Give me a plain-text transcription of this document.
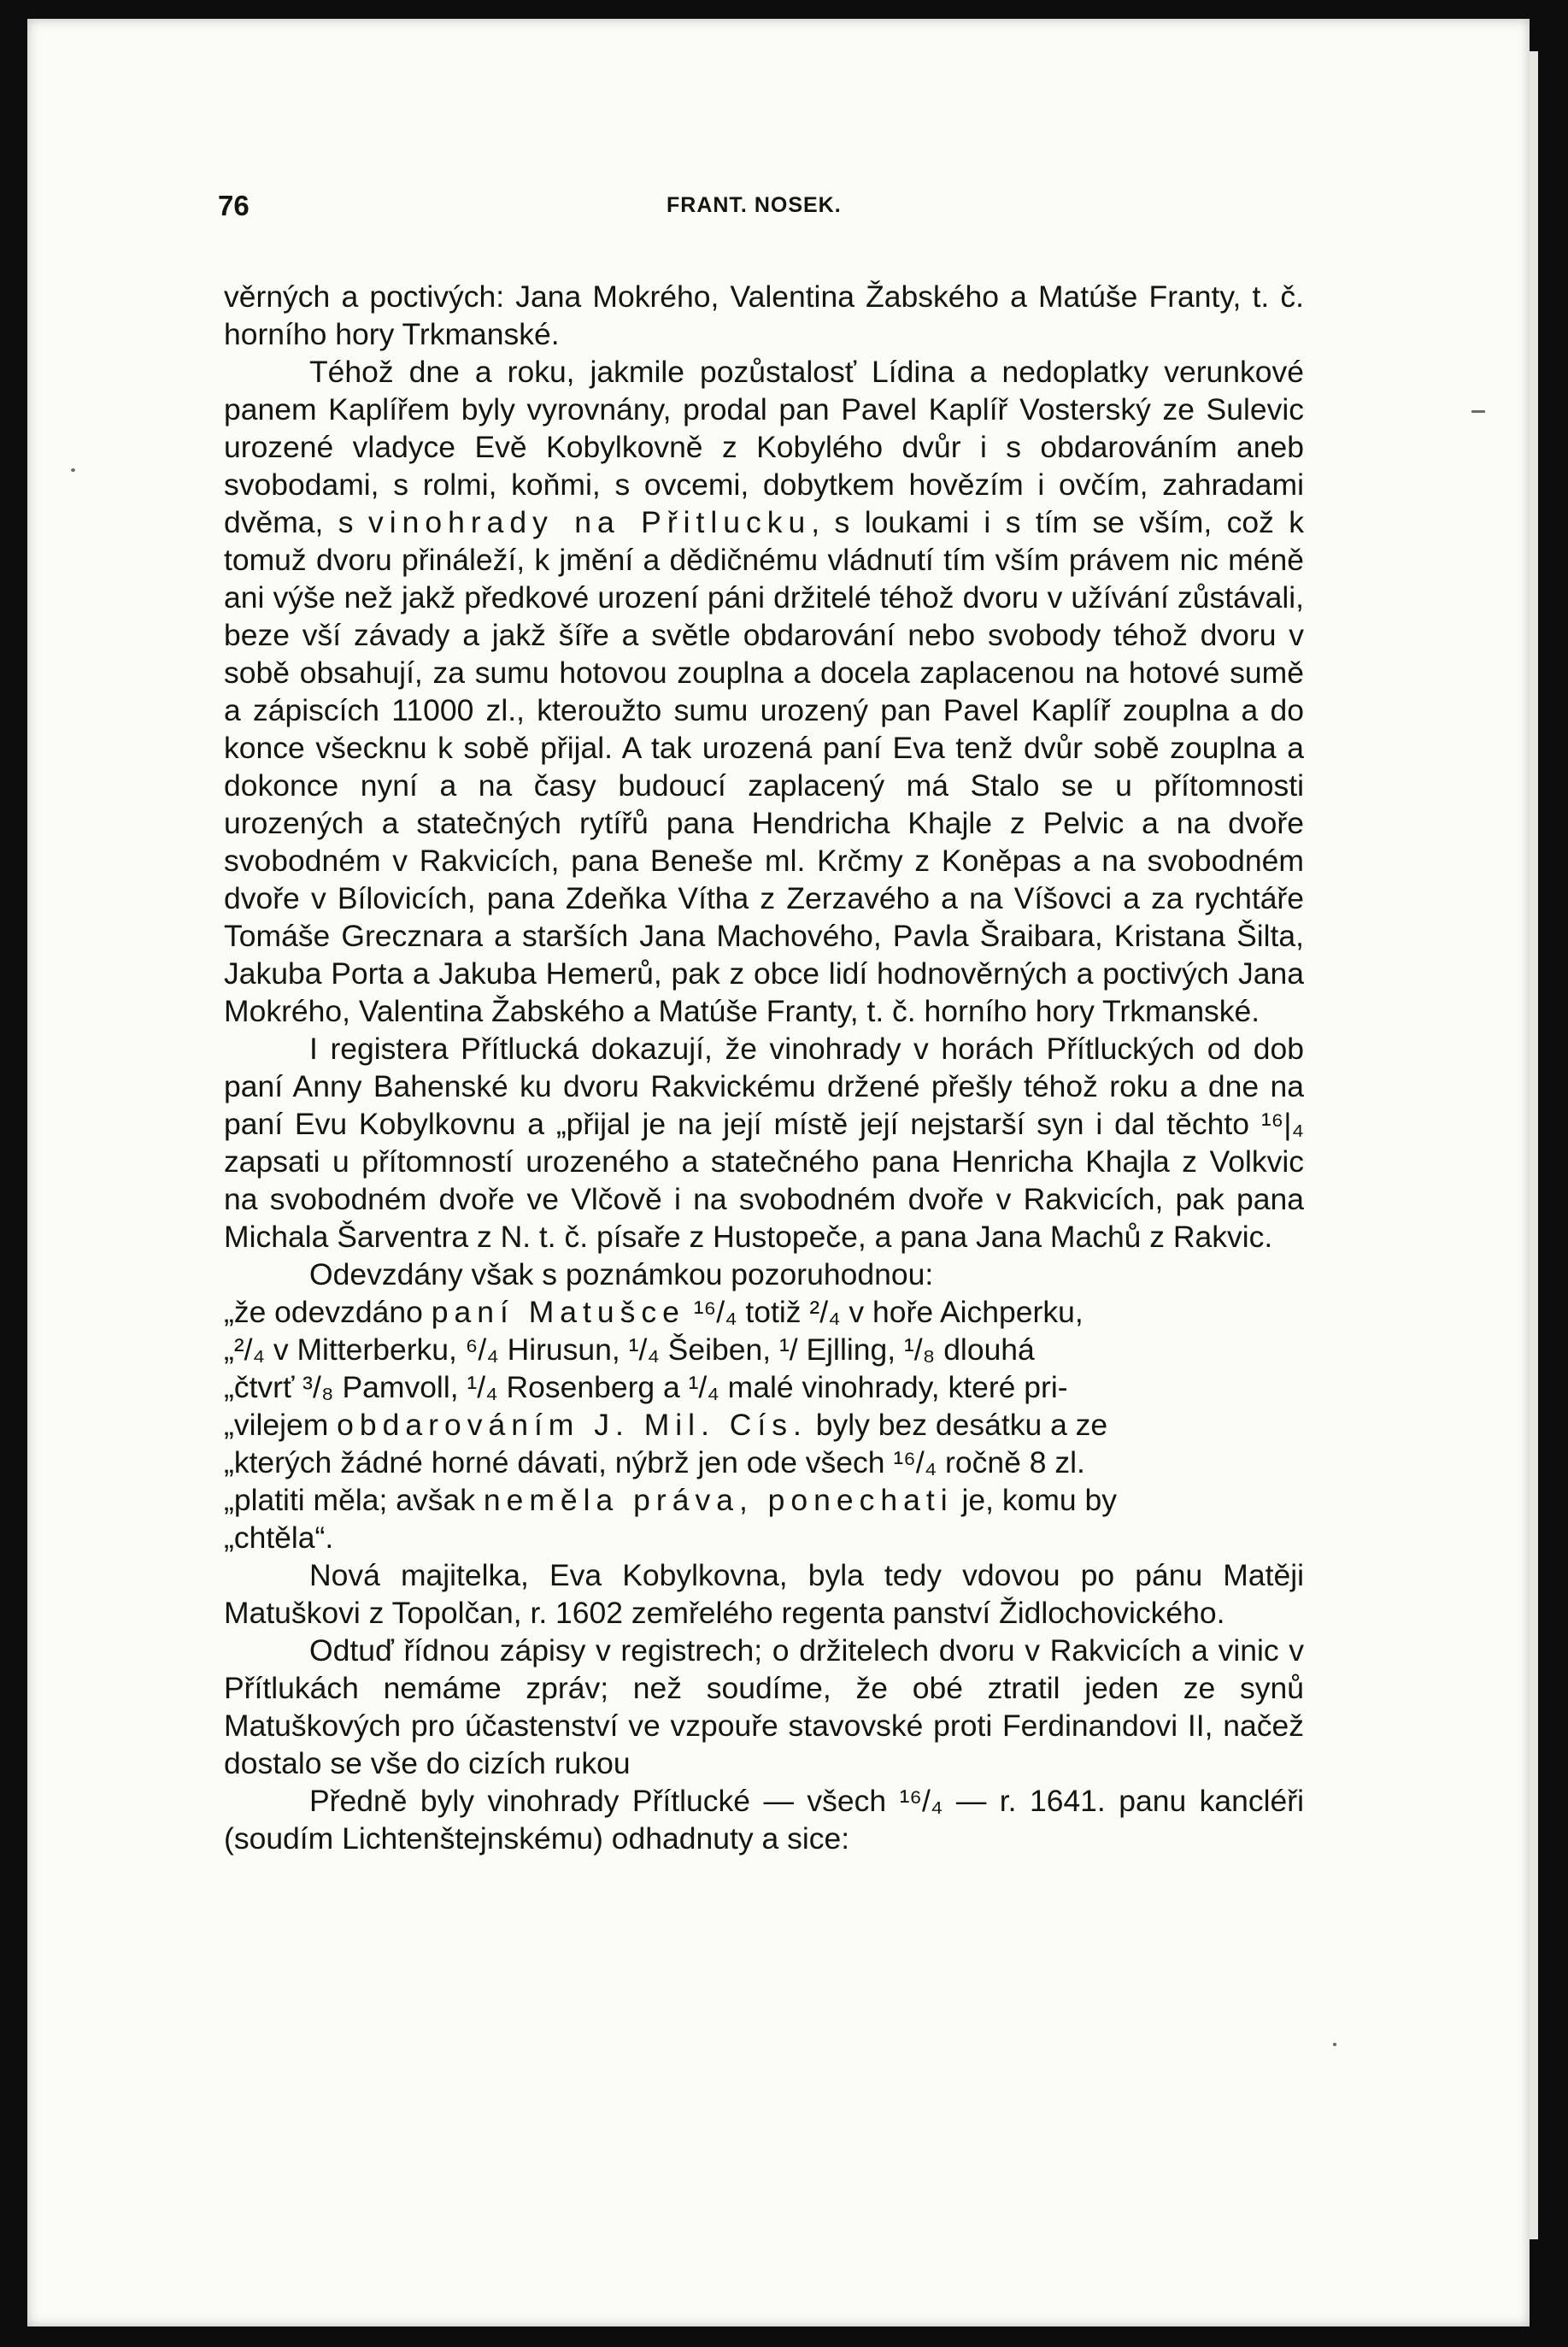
76	FRANT. NOSEK.

věrných a poctivých: Jana Mokrého, Valentina Žabského a Matúše Franty, t. č. horního hory Trkmanské.

Téhož dne a roku, jakmile pozůstalosť Lídina a nedoplatky verunkové panem Kaplířem byly vyrovnány, prodal pan Pavel Kaplíř Vosterský ze Sulevic urozené vladyce Evě Kobylkovně z Kobylého dvůr i s obdarováním aneb svobodami, s rolmi, koňmi, s ovcemi, dobytkem hovězím i ovčím, zahradami dvěma, s vinohrady na Přitlucku, s loukami i s tím se vším, což k tomuž dvoru přináleží, k jmění a dědičnému vládnutí tím vším právem nic méně ani výše než jakž předkové urození páni držitelé téhož dvoru v užívání zůstávali, beze vší závady a jakž šíře a světle obdarování nebo svobody téhož dvoru v sobě obsahují, za sumu hotovou zouplna a docela zaplacenou na hotové sumě a zápiscích 11000 zl., kteroužto sumu urozený pan Pavel Kaplíř zouplna a do konce všecknu k sobě přijal. A tak urozená paní Eva tenž dvůr sobě zouplna a dokonce nyní a na časy budoucí zaplacený má Stalo se u přítomnosti urozených a statečných rytířů pana Hendricha Khajle z Pelvic a na dvoře svobodném v Rakvicích, pana Beneše ml. Krčmy z Koněpas a na svobodném dvoře v Bílovicích, pana Zdeňka Vítha z Zerzavého a na Víšovci a za rychtáře Tomáše Grecznara a starších Jana Machového, Pavla Šraibara, Kristana Šilta, Jakuba Porta a Jakuba Hemerů, pak z obce lidí hodnověrných a poctivých Jana Mokrého, Valentina Žabského a Matúše Franty, t. č. horního hory Trkmanské.

I registera Přítlucká dokazují, že vinohrady v horách Přítluckých od dob paní Anny Bahenské ku dvoru Rakvickému držené přešly téhož roku a dne na paní Evu Kobylkovnu a „přijal je na její místě její nejstarší syn i dal těchto ¹⁶|₄ zapsati u přítomností urozeného a statečného pana Henricha Khajla z Volkvic na svobodném dvoře ve Vlčově i na svobodném dvoře v Rakvicích, pak pana Michala Šarventra z N. t. č. písaře z Hustopeče, a pana Jana Machů z Rakvic.

Odevzdány však s poznámkou pozoruhodnou:

„že odevzdáno paní Matušce ¹⁶/₄ totiž ²/₄ v hoře Aichperku,

„²/₄ v Mitterberku, ⁶/₄ Hirusun, ¹/₄ Šeiben, ¹/ Ejlling, ¹/₈ dlouhá

„čtvrť ³/₈ Pamvoll, ¹/₄ Rosenberg a ¹/₄ malé vinohrady, které pri-

„vilejem obdarováním J. Mil. Cís. byly bez desátku a ze

„kterých žádné horné dávati, nýbrž jen ode všech ¹⁶/₄ ročně 8 zl.

„platiti měla; avšak neměla práva, ponechati je, komu by

„chtěla“.

Nová majitelka, Eva Kobylkovna, byla tedy vdovou po pánu Matěji Matuškovi z Topolčan, r. 1602 zemřelého regenta panství Židlochovického.

Odtuď řídnou zápisy v registrech; o držitelech dvoru v Rakvicích a vinic v Přítlukách nemáme zpráv; než soudíme, že obé ztratil jeden ze synů Matuškových pro účastenství ve vzpouře stavovské proti Ferdinandovi II, načež dostalo se vše do cizích rukou

Předně byly vinohrady Přítlucké — všech ¹⁶/₄ — r. 1641. panu kancléři (soudím Lichtenštejnskému) odhadnuty a sice:
